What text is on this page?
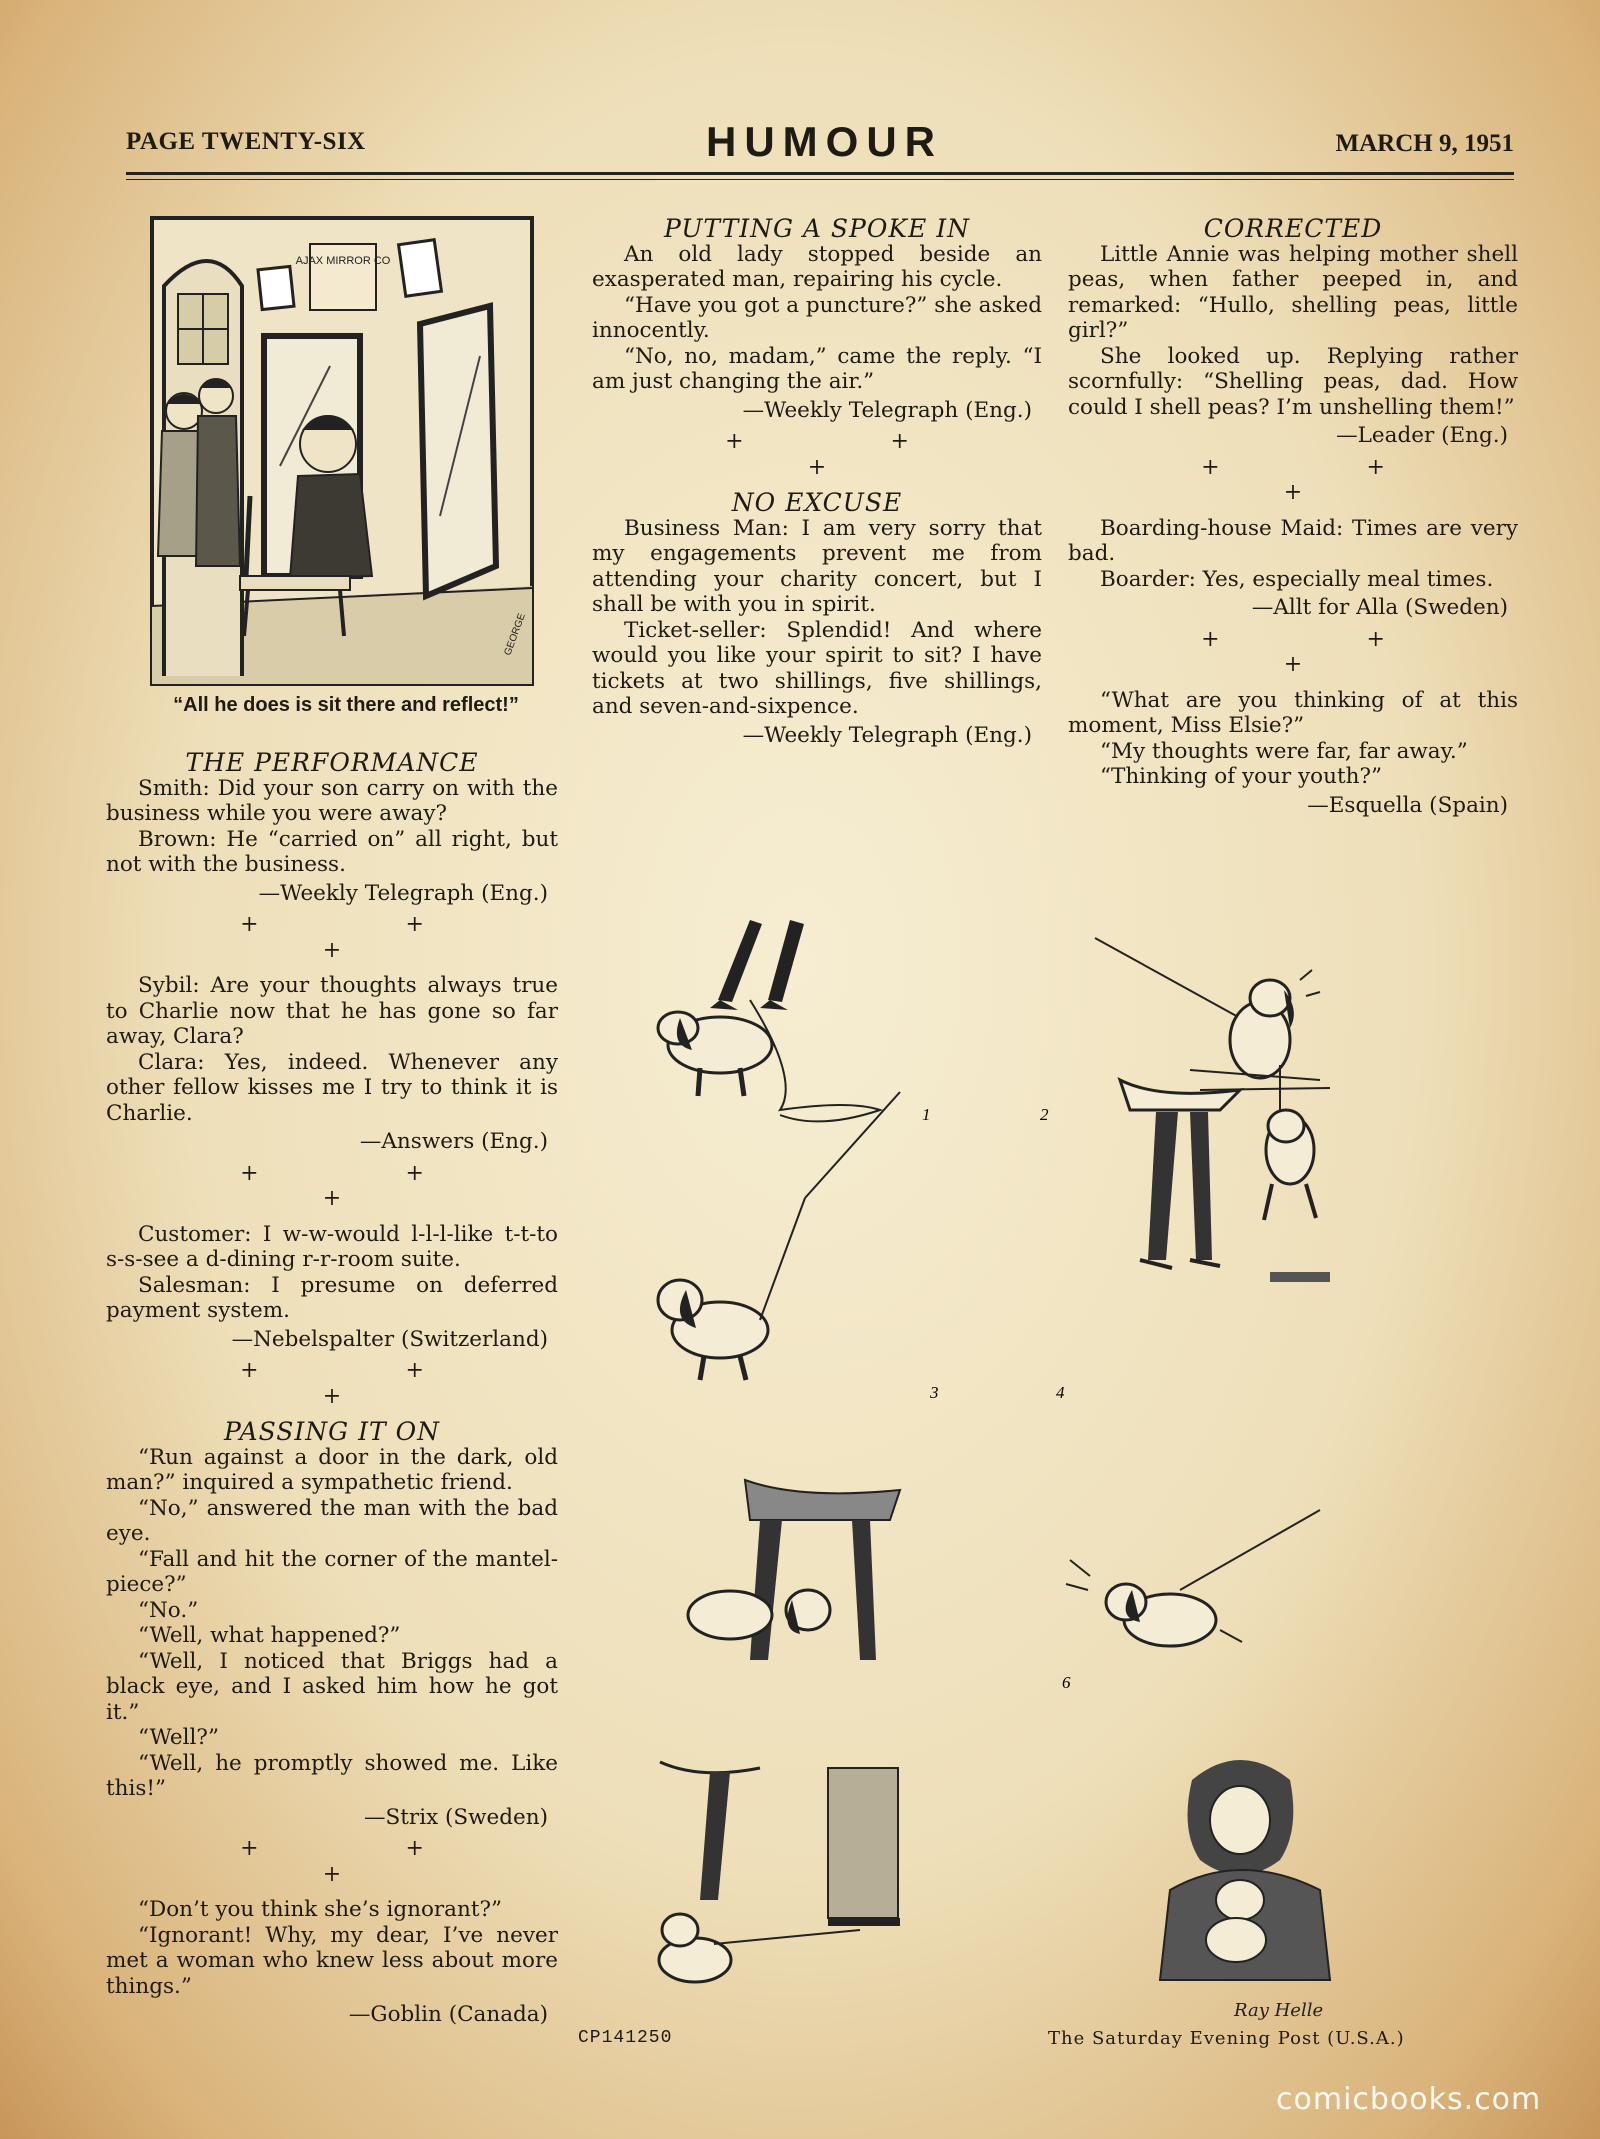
PAGE TWENTY-SIX	HUMOUR	MARCH 9, 1951
AJAX MIRROR CO
GEORGE
“All he does is sit there and reflect!”

THE PERFORMANCE

Smith: Did your son carry on with the business while you were away?

Brown: He “carried on” all right, but not with the business.

—Weekly Telegraph (Eng.)

+ + +

Sybil: Are your thoughts always true to Charlie now that he has gone so far away, Clara?

Clara: Yes, indeed. Whenever any other fellow kisses me I try to think it is Charlie.

—Answers (Eng.)

+ + +

Customer: I w-w-would l-l-l-like t-t-to s-s-see a d-dining r-r-room suite.

Salesman: I presume on deferred payment system.

—Nebelspalter (Switzerland)

+ + +

PASSING IT ON

“Run against a door in the dark, old man?” inquired a sympathetic friend.

“No,” answered the man with the bad eye.

“Fall and hit the corner of the mantel-piece?”

“No.”

“Well, what happened?”

“Well, I noticed that Briggs had a black eye, and I asked him how he got it.”

“Well?”

“Well, he promptly showed me. Like this!”

—Strix (Sweden)

+ + +

“Don’t you think she’s ignorant?”

“Ignorant! Why, my dear, I’ve never met a woman who knew less about more things.”

—Goblin (Canada)

PUTTING A SPOKE IN

An old lady stopped beside an exasperated man, repairing his cycle.

“Have you got a puncture?” she asked innocently.

“No, no, madam,” came the reply. “I am just changing the air.”

—Weekly Telegraph (Eng.)

+ + +

NO EXCUSE

Business Man: I am very sorry that my engagements prevent me from attending your charity concert, but I shall be with you in spirit.

Ticket-seller: Splendid! And where would you like your spirit to sit? I have tickets at two shillings, five shillings, and seven-and-sixpence.

—Weekly Telegraph (Eng.)

CORRECTED

Little Annie was helping mother shell peas, when father peeped in, and remarked: “Hullo, shelling peas, little girl?”

She looked up. Replying rather scornfully: “Shelling peas, dad. How could I shell peas? I’m unshelling them!”

—Leader (Eng.)

+ + +

Boarding-house Maid: Times are very bad.

Boarder: Yes, especially meal times.

—Allt for Alla (Sweden)

+ + +

“What are you thinking of at this moment, Miss Elsie?”

“My thoughts were far, far away.”

“Thinking of your youth?”

—Esquella (Spain)

1	2
3	4
6
Ray Helle
CP141250	The Saturday Evening Post (U.S.A.)
comicbooks.com
